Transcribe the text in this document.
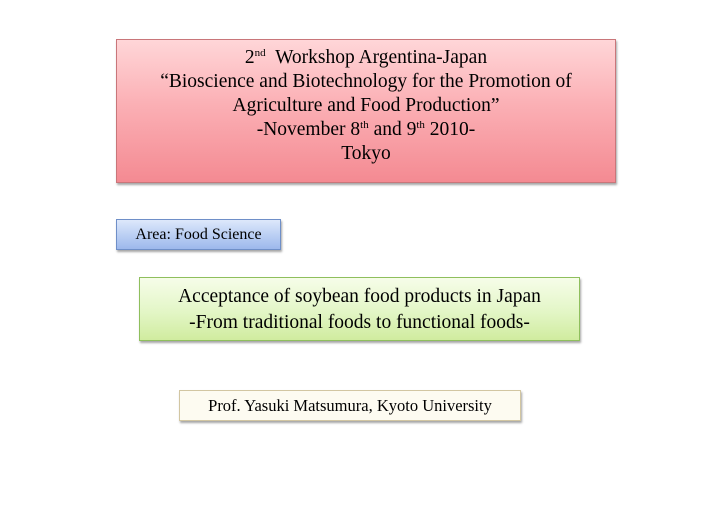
2nd Workshop Argentina-Japan
“Bioscience and Biotechnology for the Promotion of
Agriculture and Food Production”
-November 8th and 9th 2010-
Tokyo
Area: Food Science
Acceptance of soybean food products in Japan
-From traditional foods to functional foods-
Prof. Yasuki Matsumura, Kyoto University
